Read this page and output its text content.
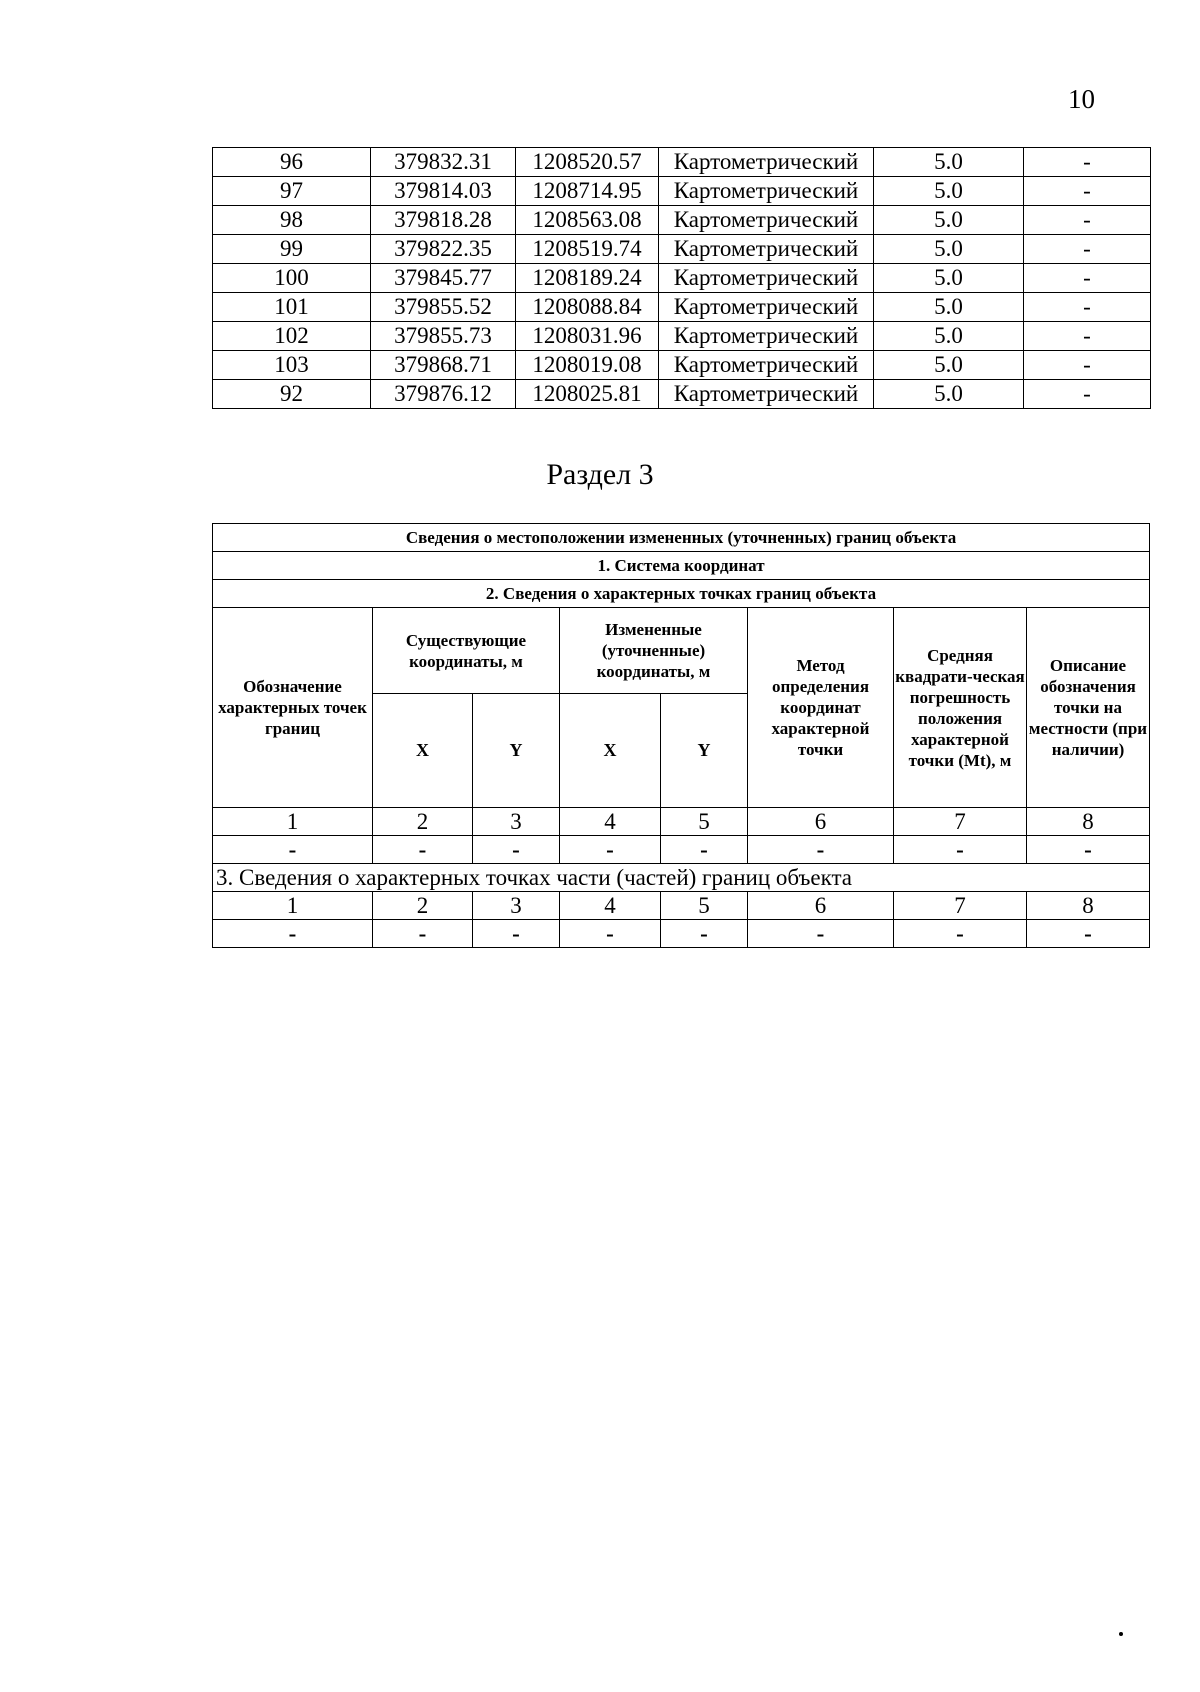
10
96	379832.31	1208520.57	Картометрический	5.0	-
97	379814.03	1208714.95	Картометрический	5.0	-
98	379818.28	1208563.08	Картометрический	5.0	-
99	379822.35	1208519.74	Картометрический	5.0	-
100	379845.77	1208189.24	Картометрический	5.0	-
101	379855.52	1208088.84	Картометрический	5.0	-
102	379855.73	1208031.96	Картометрический	5.0	-
103	379868.71	1208019.08	Картометрический	5.0	-
92	379876.12	1208025.81	Картометрический	5.0	-
Раздел 3
Сведения о местоположении измененных (уточненных) границ объекта							
1. Система координат							
2. Сведения о характерных точках границ объекта							
Обозначение характерных точек границ	Существующие координаты, м		Измененные (уточненные) координаты, м		Метод определения координат характерной точки	Средняя квадрати-ческая погрешность положения характерной точки (Mt), м	Описание обозначения точки на местности (при наличии)
	X	Y	X	Y			
1	2	3	4	5	6	7	8
-	-	-	-	-	-	-	-
3. Сведения о характерных точках части (частей) границ объекта							
1	2	3	4	5	6	7	8
-	-	-	-	-	-	-	-
